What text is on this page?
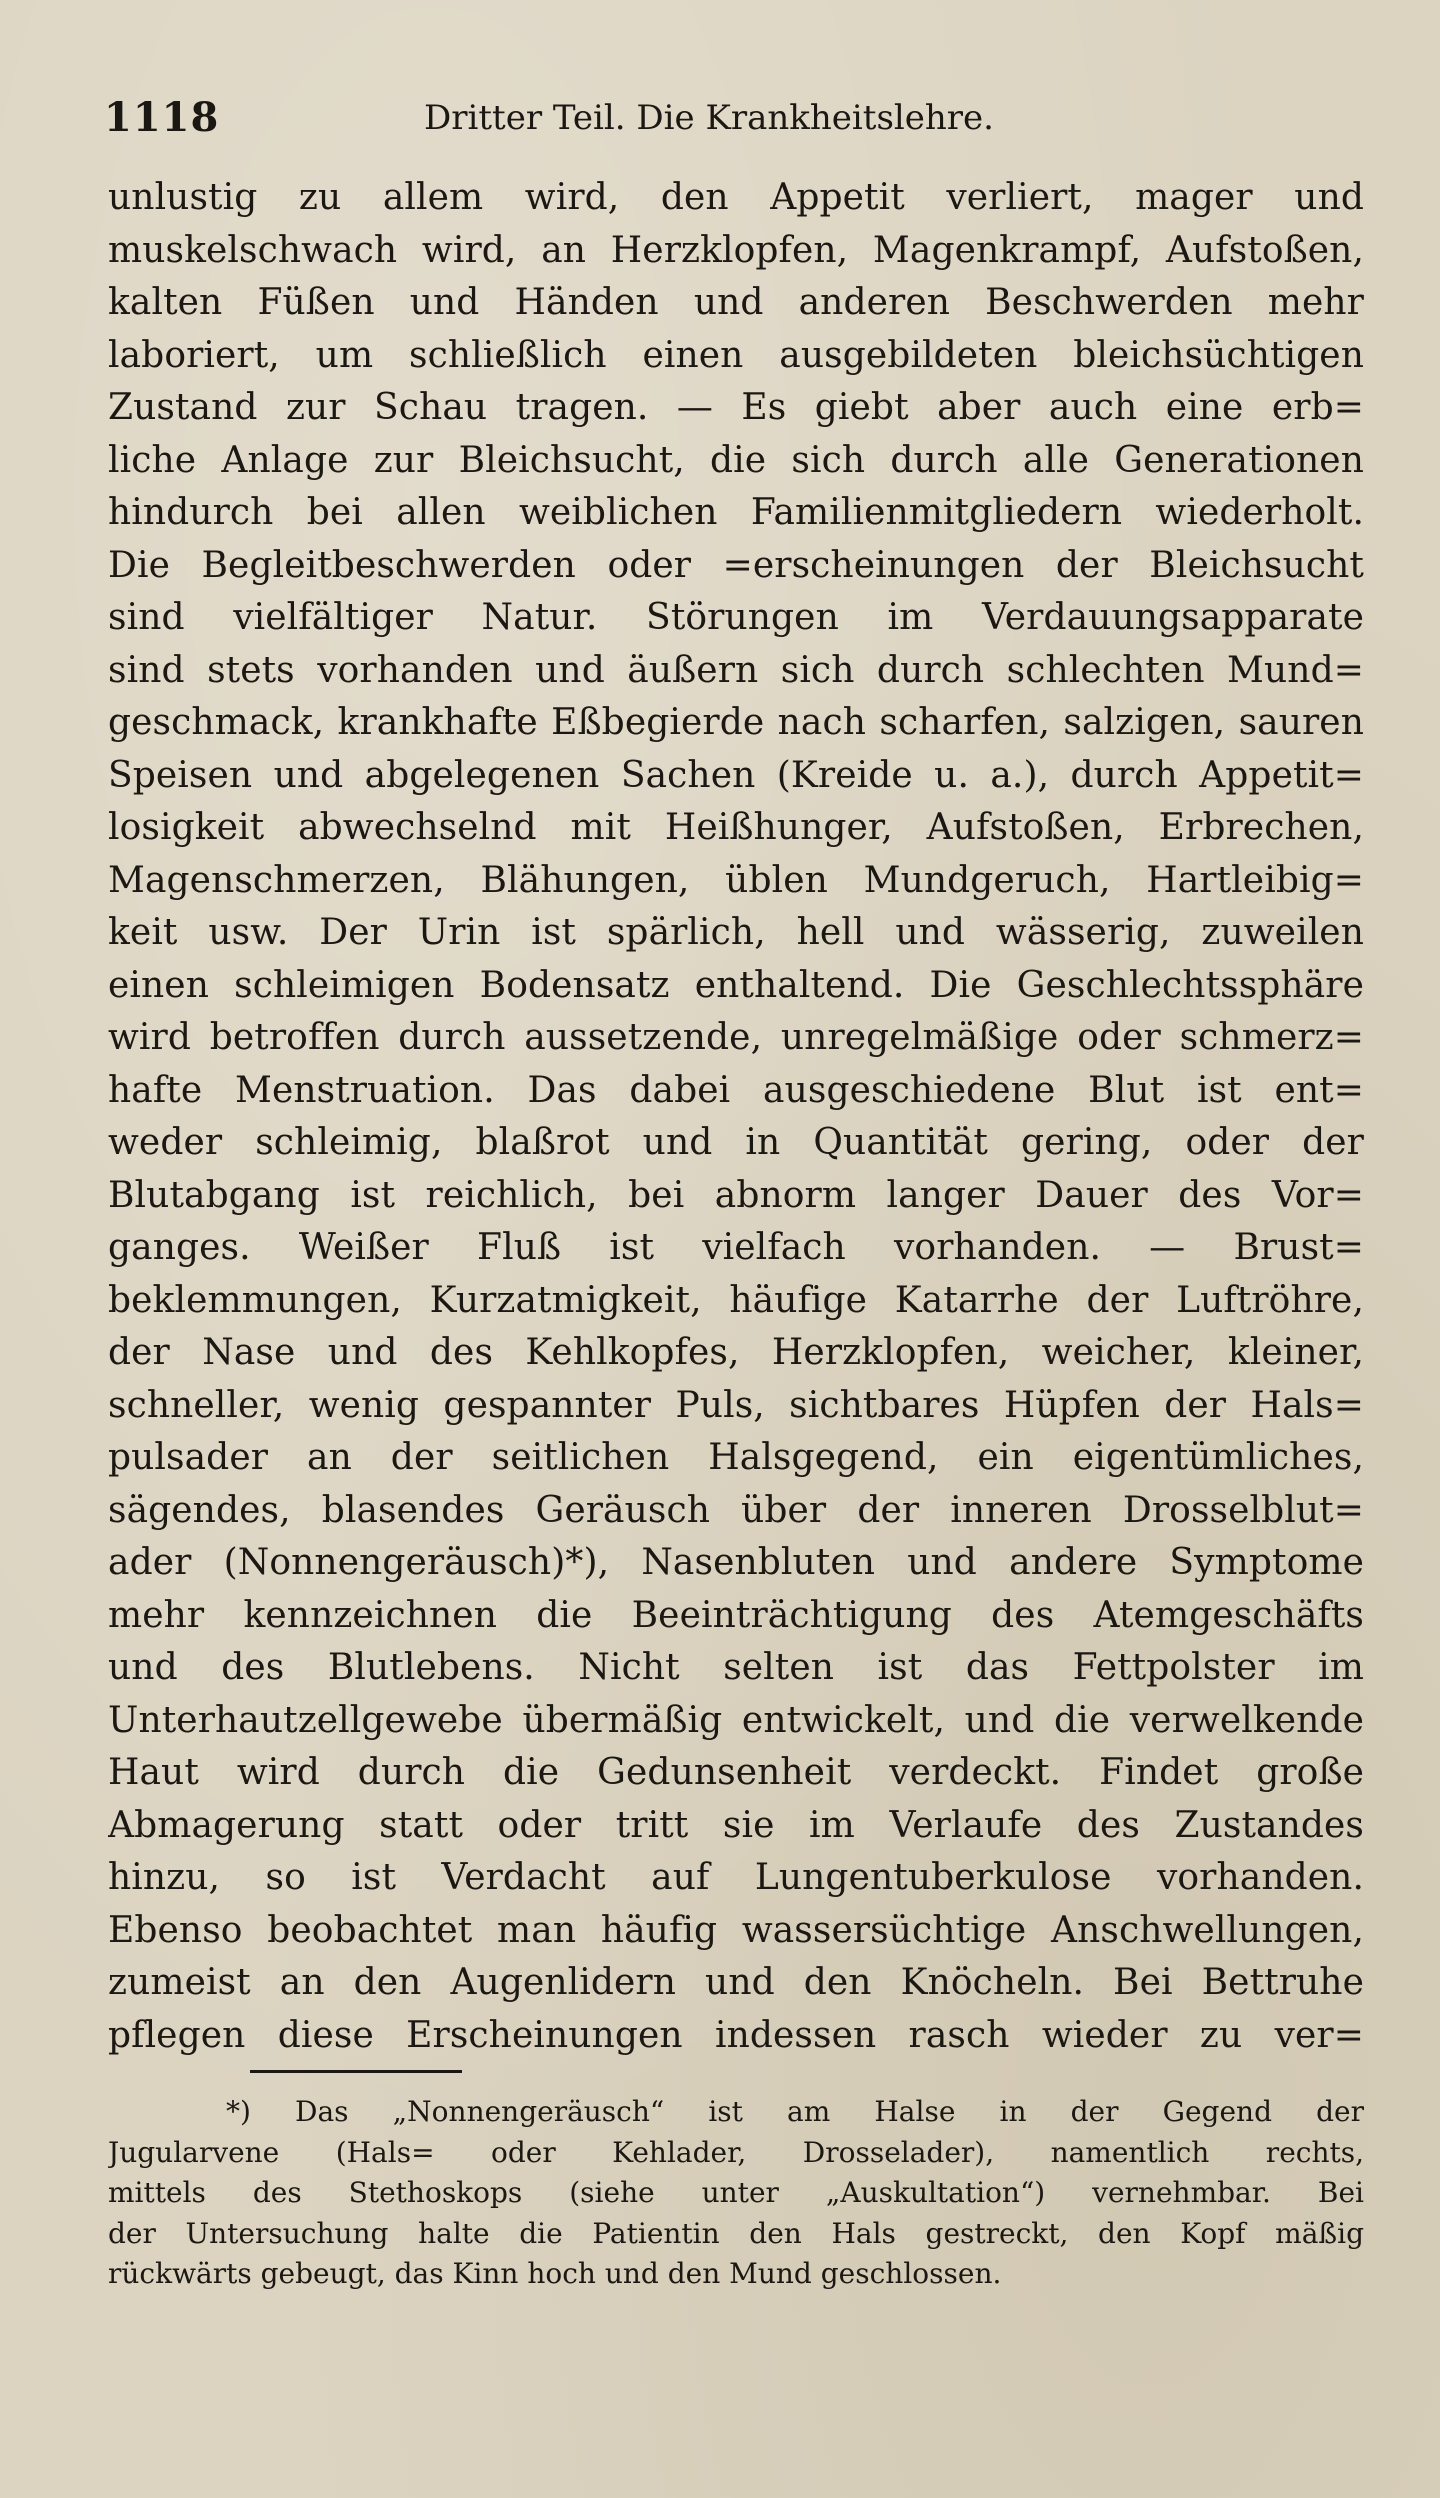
1118	Dritter Teil. Die Krankheitslehre.
unlustig zu allem wird, den Appetit verliert, mager und
muskelschwach wird, an Herzklopfen, Magenkrampf, Aufstoßen,
kalten Füßen und Händen und anderen Beschwerden mehr
laboriert, um schließlich einen ausgebildeten bleichsüchtigen
Zustand zur Schau tragen. — Es giebt aber auch eine erb=
liche Anlage zur Bleichsucht, die sich durch alle Generationen
hindurch bei allen weiblichen Familienmitgliedern wiederholt.
Die Begleitbeschwerden oder =erscheinungen der Bleichsucht
sind vielfältiger Natur. Störungen im Verdauungsapparate
sind stets vorhanden und äußern sich durch schlechten Mund=
geschmack, krankhafte Eßbegierde nach scharfen, salzigen, sauren
Speisen und abgelegenen Sachen (Kreide u. a.), durch Appetit=
losigkeit abwechselnd mit Heißhunger, Aufstoßen, Erbrechen,
Magenschmerzen, Blähungen, üblen Mundgeruch, Hartleibig=
keit usw. Der Urin ist spärlich, hell und wässerig, zuweilen
einen schleimigen Bodensatz enthaltend. Die Geschlechtssphäre
wird betroffen durch aussetzende, unregelmäßige oder schmerz=
hafte Menstruation. Das dabei ausgeschiedene Blut ist ent=
weder schleimig, blaßrot und in Quantität gering, oder der
Blutabgang ist reichlich, bei abnorm langer Dauer des Vor=
ganges. Weißer Fluß ist vielfach vorhanden. — Brust=
beklemmungen, Kurzatmigkeit, häufige Katarrhe der Luftröhre,
der Nase und des Kehlkopfes, Herzklopfen, weicher, kleiner,
schneller, wenig gespannter Puls, sichtbares Hüpfen der Hals=
pulsader an der seitlichen Halsgegend, ein eigentümliches,
sägendes, blasendes Geräusch über der inneren Drosselblut=
ader (Nonnengeräusch)*), Nasenbluten und andere Symptome
mehr kennzeichnen die Beeinträchtigung des Atemgeschäfts
und des Blutlebens. Nicht selten ist das Fettpolster im
Unterhautzellgewebe übermäßig entwickelt, und die verwelkende
Haut wird durch die Gedunsenheit verdeckt. Findet große
Abmagerung statt oder tritt sie im Verlaufe des Zustandes
hinzu, so ist Verdacht auf Lungentuberkulose vorhanden.
Ebenso beobachtet man häufig wassersüchtige Anschwellungen,
zumeist an den Augenlidern und den Knöcheln. Bei Bettruhe
pflegen diese Erscheinungen indessen rasch wieder zu ver=
*) Das „Nonnengeräusch“ ist am Halse in der Gegend der
Jugularvene (Hals= oder Kehlader, Drosselader), namentlich rechts,
mittels des Stethoskops (siehe unter „Auskultation“) vernehmbar. Bei
der Untersuchung halte die Patientin den Hals gestreckt, den Kopf mäßig
rückwärts gebeugt, das Kinn hoch und den Mund geschlossen.
